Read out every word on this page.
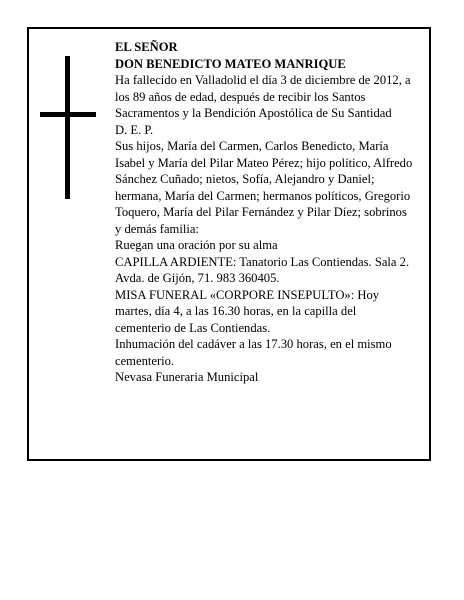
EL SEÑOR

DON BENEDICTO MATEO MANRIQUE

Ha fallecido en Valladolid el día 3 de diciembre de 2012, a los 89 años de edad, después de recibir los Santos Sacramentos y la Bendición Apostólica de Su Santidad

D. E. P.

Sus hijos, María del Carmen, Carlos Benedicto, María Isabel y María del Pilar Mateo Pérez; hijo político, Alfredo Sánchez Cuñado; nietos, Sofía, Alejandro y Daniel; hermana, María del Carmen; hermanos políticos, Gregorio Toquero, María del Pilar Fernández y Pilar Díez; sobrinos y demás familia:

Ruegan una oración por su alma

CAPILLA ARDIENTE: Tanatorio Las Contiendas. Sala 2. Avda. de Gijón, 71. 983 360405.

MISA FUNERAL «CORPORE INSEPULTO»: Hoy martes, día 4, a las 16.30 horas, en la capilla del cementerio de Las Contiendas.

Inhumación del cadáver a las 17.30 horas, en el mismo cementerio.

Nevasa Funeraria Municipal
